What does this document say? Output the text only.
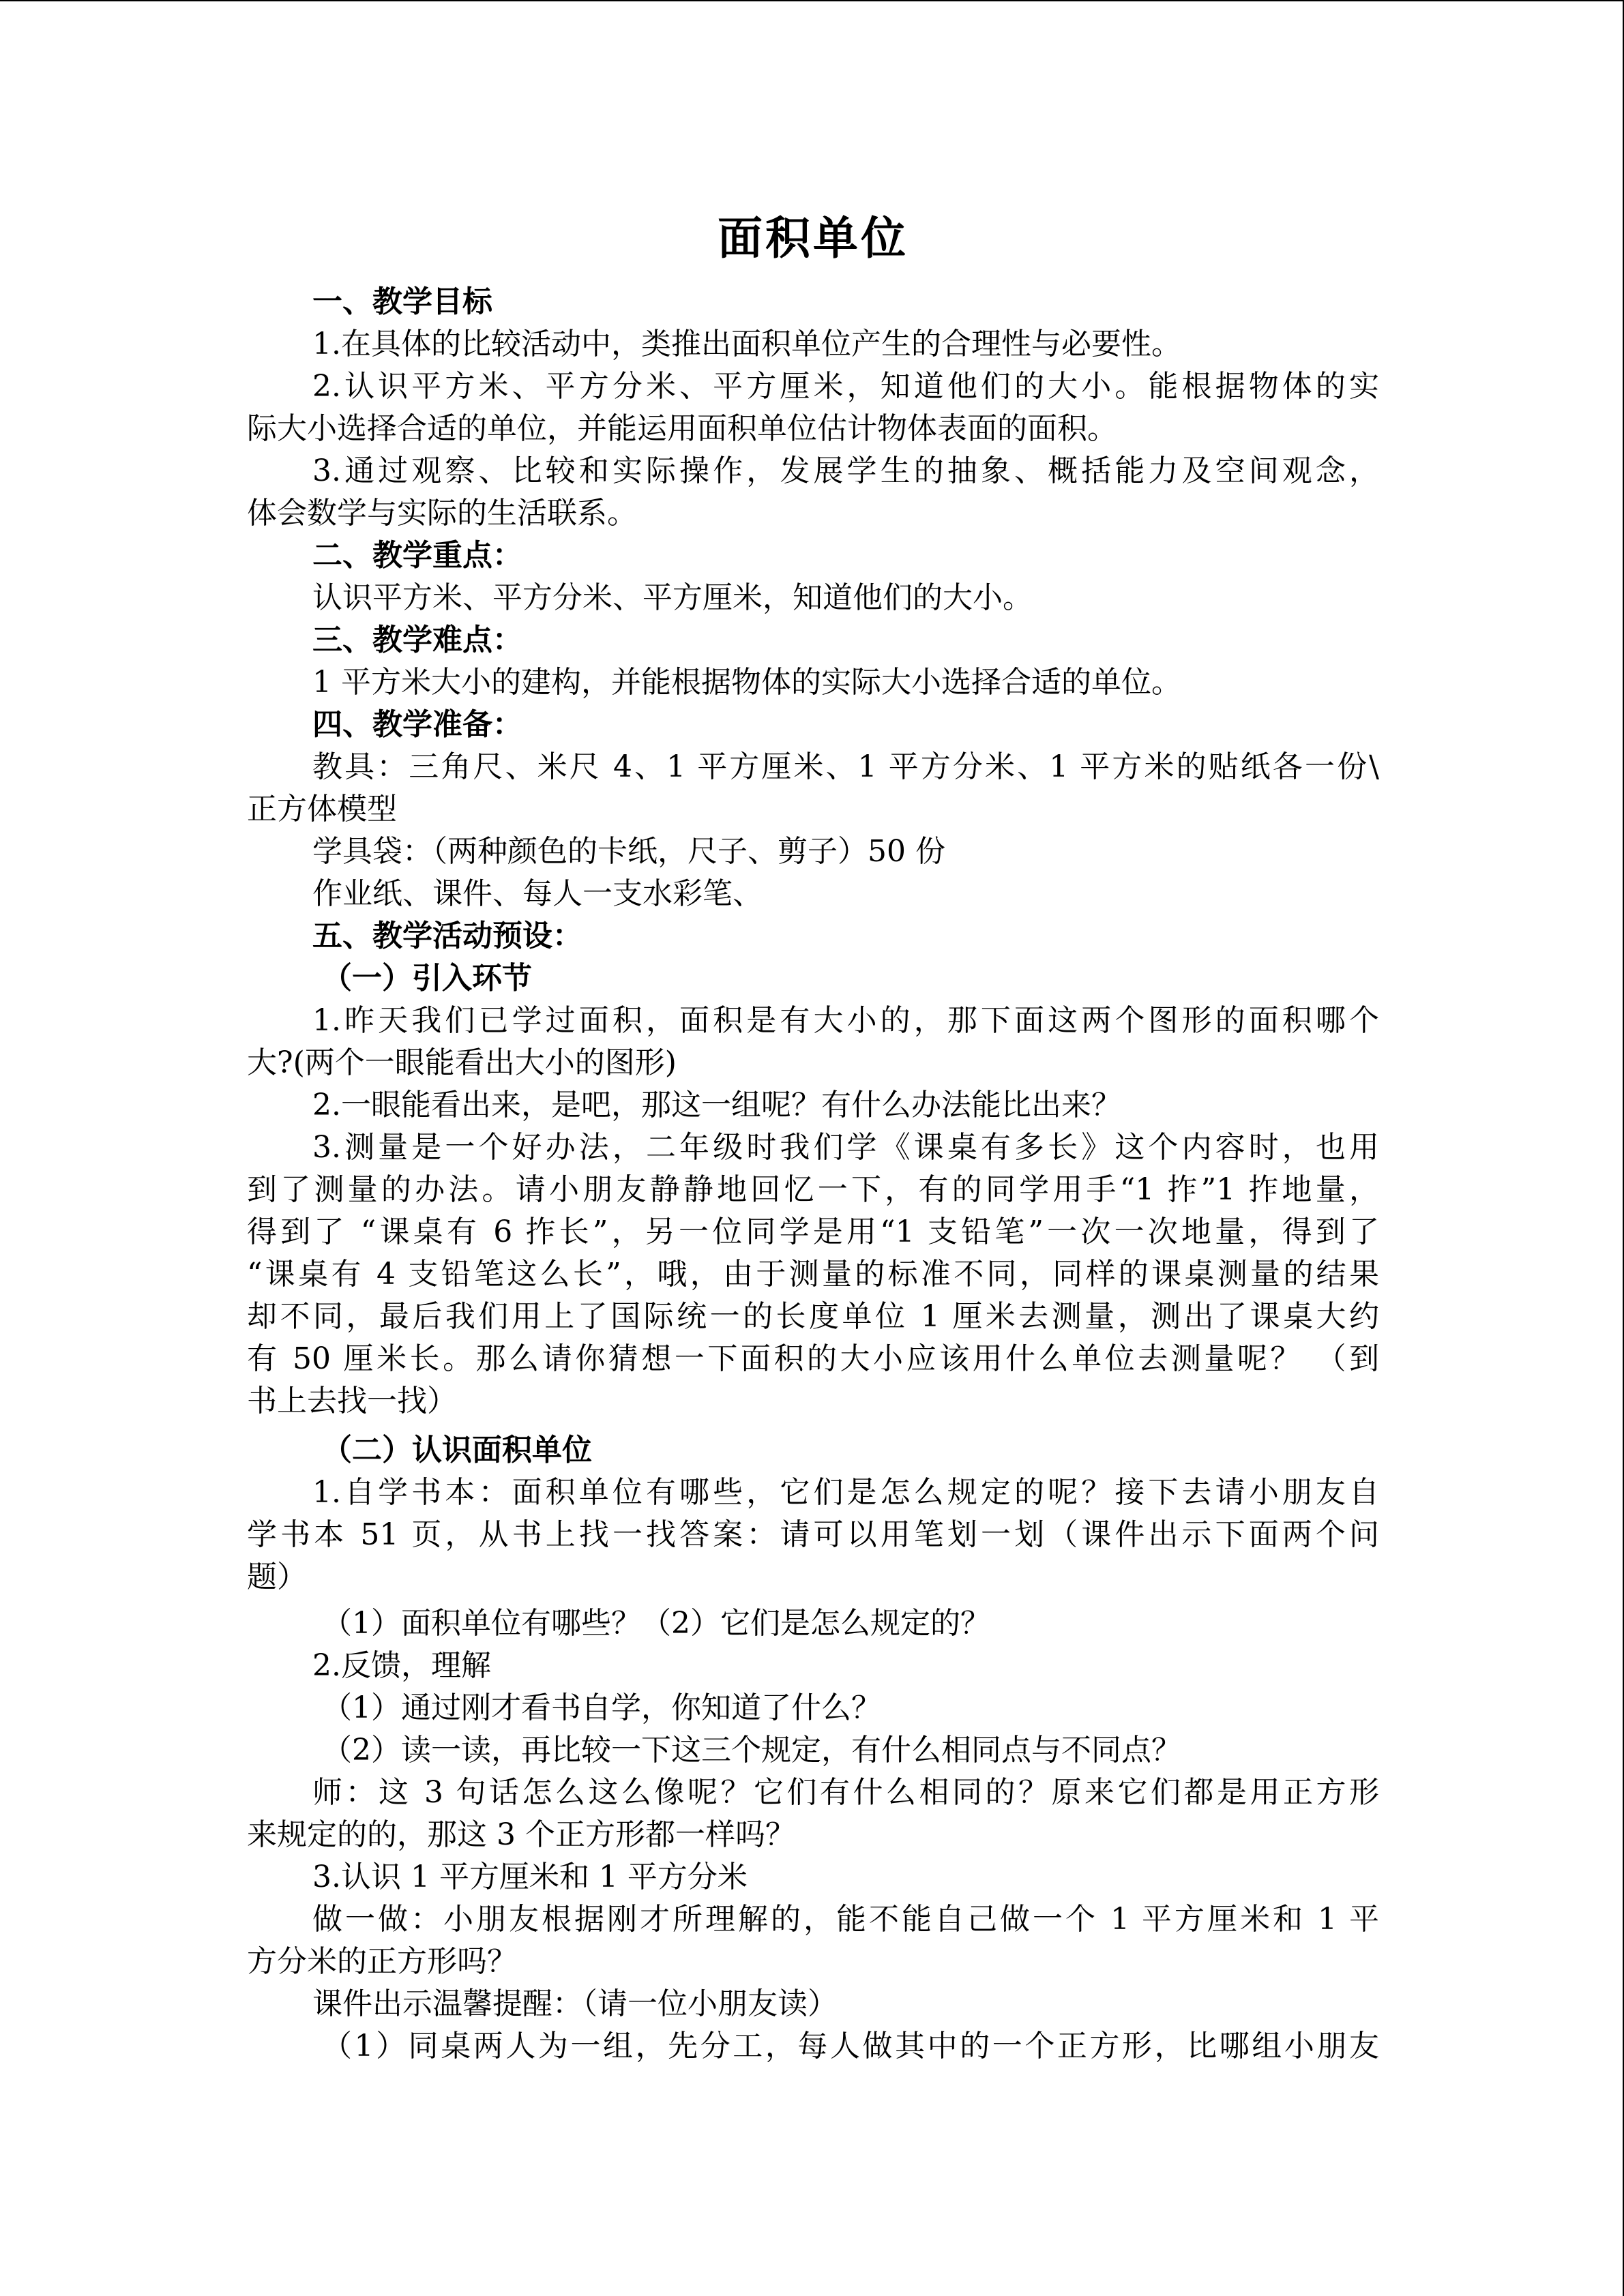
面积单位
一、教学目标
1.在具体的比较活动中，类推出面积单位产生的合理性与必要性。
2.认识平方米、平方分米、平方厘米，知道他们的大小。能根据物体的实
际大小选择合适的单位，并能运用面积单位估计物体表面的面积。
3.通过观察、比较和实际操作，发展学生的抽象、概括能力及空间观念，
体会数学与实际的生活联系。
二、教学重点：
认识平方米、平方分米、平方厘米，知道他们的大小。
三、教学难点：
1 平方米大小的建构，并能根据物体的实际大小选择合适的单位。
四、教学准备：
教具：三角尺、米尺 4、1 平方厘米、1 平方分米、1 平方米的贴纸各一份\
正方体模型
学具袋：（两种颜色的卡纸，尺子、剪子）50 份
作业纸、课件、每人一支水彩笔、
五、教学活动预设：
（一）引入环节
1.昨天我们已学过面积，面积是有大小的，那下面这两个图形的面积哪个
大?(两个一眼能看出大小的图形)
2.一眼能看出来，是吧，那这一组呢？有什么办法能比出来？
3.测量是一个好办法，二年级时我们学《课桌有多长》这个内容时，也用
到了测量的办法。请小朋友静静地回忆一下，有的同学用手“1 拃”1 拃地量，
得到了 “课桌有 6 拃长”，另一位同学是用“1 支铅笔”一次一次地量，得到了
“课桌有 4 支铅笔这么长”，哦，由于测量的标准不同，同样的课桌测量的结果
却不同，最后我们用上了国际统一的长度单位 1 厘米去测量，测出了课桌大约
有 50 厘米长。那么请你猜想一下面积的大小应该用什么单位去测量呢？ （到
书上去找一找）
（二）认识面积单位
1.自学书本：面积单位有哪些，它们是怎么规定的呢？接下去请小朋友自
学书本 51 页，从书上找一找答案：请可以用笔划一划（课件出示下面两个问
题）
（1）面积单位有哪些？（2）它们是怎么规定的？
2.反馈，理解
（1）通过刚才看书自学，你知道了什么？
（2）读一读，再比较一下这三个规定，有什么相同点与不同点？
师：这 3 句话怎么这么像呢？它们有什么相同的？原来它们都是用正方形
来规定的的，那这 3 个正方形都一样吗？
3.认识 1 平方厘米和 1 平方分米
做一做：小朋友根据刚才所理解的，能不能自己做一个 1 平方厘米和 1 平
方分米的正方形吗？
课件出示温馨提醒：（请一位小朋友读）
（1）同桌两人为一组，先分工，每人做其中的一个正方形，比哪组小朋友
